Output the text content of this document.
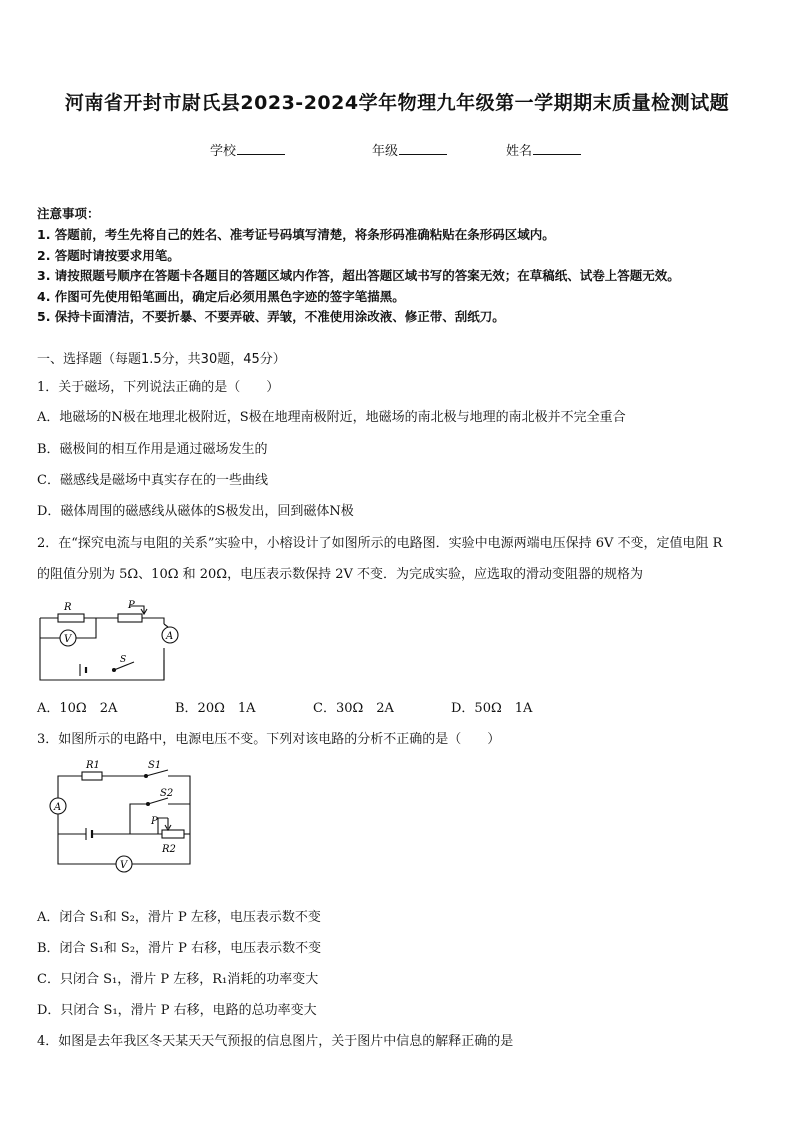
河南省开封市尉氏县2023-2024学年物理九年级第一学期期末质量检测试题
学校	年级	姓名
注意事项：
1. 答题前，考生先将自己的姓名、准考证号码填写清楚，将条形码准确粘贴在条形码区域内。
2. 答题时请按要求用笔。
3. 请按照题号顺序在答题卡各题目的答题区域内作答，超出答题区域书写的答案无效；在草稿纸、试卷上答题无效。
4. 作图可先使用铅笔画出，确定后必须用黑色字迹的签字笔描黑。
5. 保持卡面清洁，不要折暴、不要弄破、弄皱，不准使用涂改液、修正带、刮纸刀。
一、选择题（每题1.5分，共30题，45分）
1．关于磁场，下列说法正确的是（　　）
A．地磁场的N极在地理北极附近，S极在地理南极附近，地磁场的南北极与地理的南北极并不完全重合
B．磁极间的相互作用是通过磁场发生的
C．磁感线是磁场中真实存在的一些曲线
D．磁体周围的磁感线从磁体的S极发出，回到磁体N极
2．在“探究电流与电阻的关系”实验中，小榕设计了如图所示的电路图．实验中电源两端电压保持 6V 不变，定值电阻 R
的阻值分别为 5Ω、10Ω 和 20Ω，电压表示数保持 2V 不变．为完成实验，应选取的滑动变阻器的规格为
R	P
V	A
S
A．10Ω　2A	B．20Ω　1A	C．30Ω　2A	D．50Ω　1A
3．如图所示的电路中，电源电压不变。下列对该电路的分析不正确的是（　　）
R1	S1
S2
P
R2
A
V
A．闭合 S₁和 S₂，滑片 P 左移，电压表示数不变
B．闭合 S₁和 S₂，滑片 P 右移，电压表示数不变
C．只闭合 S₁，滑片 P 左移，R₁消耗的功率变大
D．只闭合 S₁，滑片 P 右移，电路的总功率变大
4．如图是去年我区冬天某天天气预报的信息图片，关于图片中信息的解释正确的是
